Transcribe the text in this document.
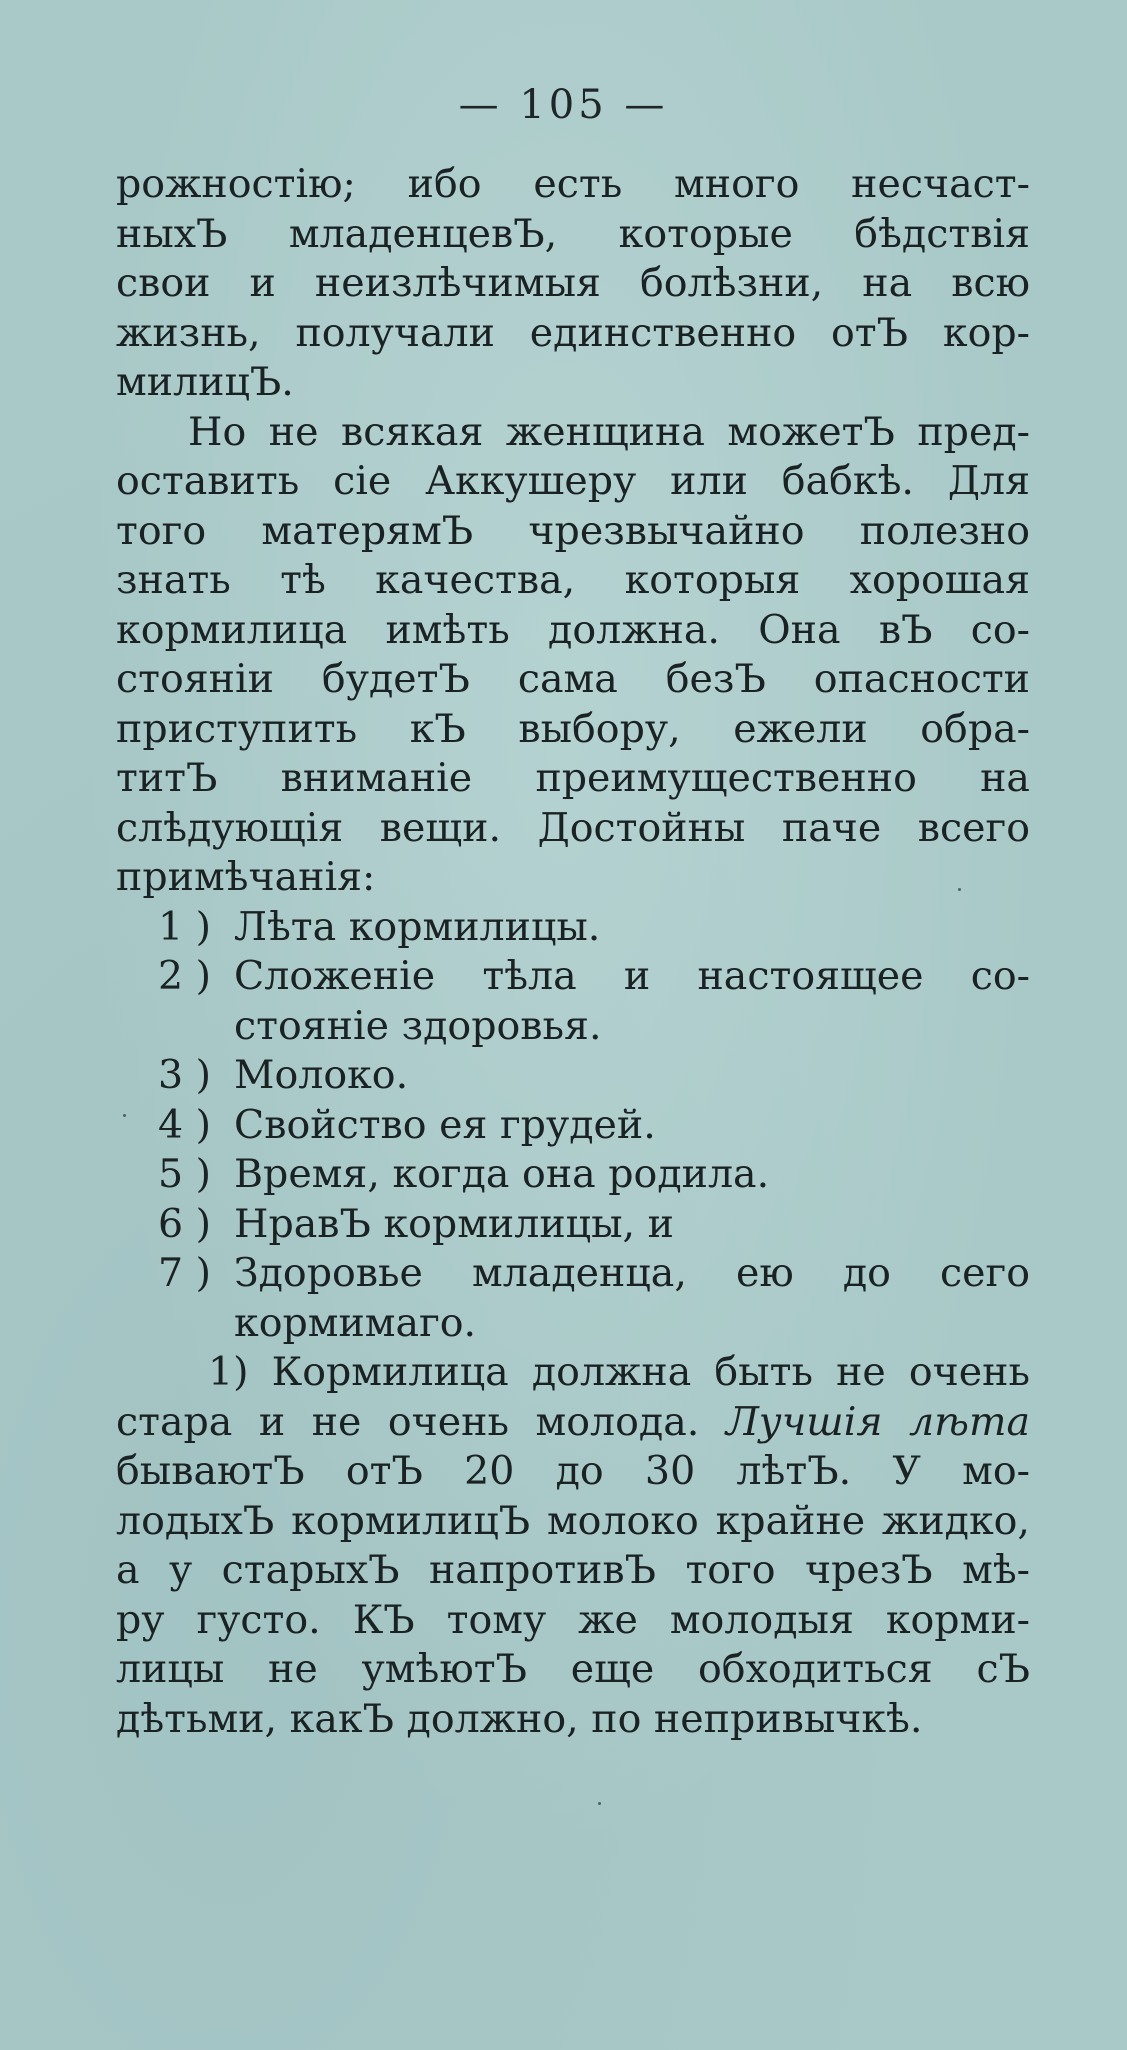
— 105 —
рожностію; ибо есть много несчаст-
ныхЪ младенцевЪ, которые бѣдствія
свои и неизлѣчимыя болѣзни, на всю
жизнь, получали единственно отЪ кор-
милицЪ.
Но не всякая женщина можетЪ пред-
оставить сіе Аккушеру или бабкѣ. Для
того матерямЪ чрезвычайно полезно
знать тѣ качества, которыя хорошая
кормилица имѣть должна. Она вЪ со-
стояніи будетЪ сама безЪ опасности
приступить кЪ выбору, ежели обра-
титЪ вниманіе преимущественно на
слѣдующія вещи. Достойны паче всего
примѣчанія:
1 ) Лѣта кормилицы.
2 ) Сложеніе тѣла и настоящее со-
стояніе здоровья.
3 ) Молоко.
4 ) Свойство ея грудей.
5 ) Время, когда она родила.
6 ) НравЪ кормилицы, и
7 ) Здоровье младенца, ею до сего
кормимаго.
1) Кормилица должна быть не очень
стара и не очень молода. Лучшія лѣта
бываютЪ отЪ 20 до 30 лѣтЪ. У мо-
лодыхЪ кормилицЪ молоко крайне жидко,
а у старыхЪ напротивЪ того чрезЪ мѣ-
ру густо. КЪ тому же молодыя корми-
лицы не умѣютЪ еще обходиться сЪ
дѣтьми, какЪ должно, по непривычкѣ.
